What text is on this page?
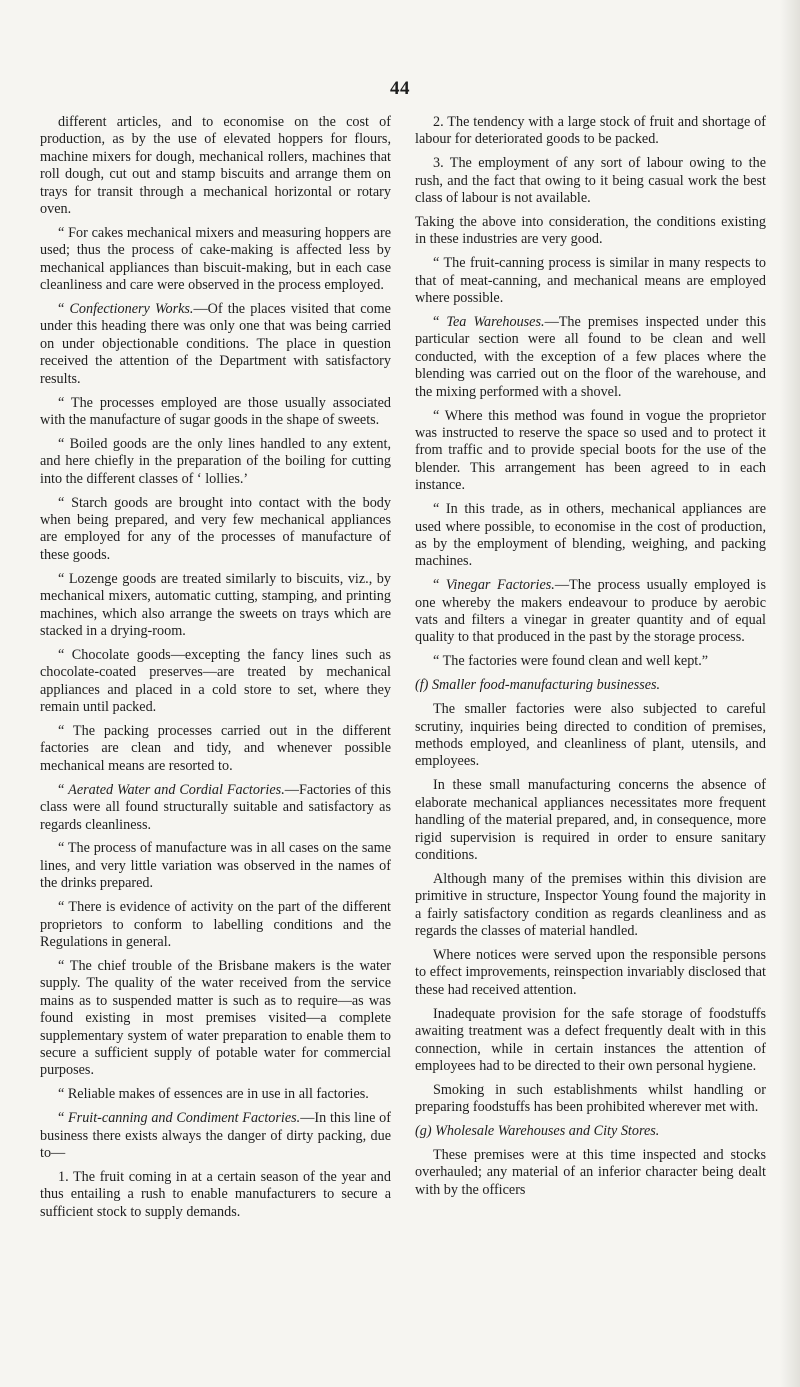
44

different articles, and to economise on the cost of production, as by the use of elevated hoppers for flours, machine mixers for dough, mechanical rollers, machines that roll dough, cut out and stamp biscuits and arrange them on trays for transit through a mechanical horizontal or rotary oven.

“ For cakes mechanical mixers and measuring hoppers are used; thus the process of cake-making is affected less by mechanical appliances than biscuit-making, but in each case cleanliness and care were observed in the process employed.

“ Confectionery Works.—Of the places visited that come under this heading there was only one that was being carried on under objectionable conditions. The place in question received the attention of the Department with satisfactory results.

“ The processes employed are those usually associated with the manufacture of sugar goods in the shape of sweets.

“ Boiled goods are the only lines handled to any extent, and here chiefly in the preparation of the boiling for cutting into the different classes of ‘ lollies.’

“ Starch goods are brought into contact with the body when being prepared, and very few mechanical appliances are employed for any of the processes of manufacture of these goods.

“ Lozenge goods are treated similarly to biscuits, viz., by mechanical mixers, automatic cutting, stamping, and printing machines, which also arrange the sweets on trays which are stacked in a drying-room.

“ Chocolate goods—excepting the fancy lines such as chocolate-coated preserves—are treated by mechanical appliances and placed in a cold store to set, where they remain until packed.

“ The packing processes carried out in the different factories are clean and tidy, and whenever possible mechanical means are resorted to.

“ Aerated Water and Cordial Factories.—Factories of this class were all found structurally suitable and satisfactory as regards cleanliness.

“ The process of manufacture was in all cases on the same lines, and very little variation was observed in the names of the drinks prepared.

“ There is evidence of activity on the part of the different proprietors to conform to labelling conditions and the Regulations in general.

“ The chief trouble of the Brisbane makers is the water supply. The quality of the water received from the service mains as to suspended matter is such as to require—as was found existing in most premises visited—a complete supplementary system of water preparation to enable them to secure a sufficient supply of potable water for commercial purposes.

“ Reliable makes of essences are in use in all factories.

“ Fruit-canning and Condiment Factories.—In this line of business there exists always the danger of dirty packing, due to—

1. The fruit coming in at a certain season of the year and thus entailing a rush to enable manufacturers to secure a sufficient stock to supply demands.

2. The tendency with a large stock of fruit and shortage of labour for deteriorated goods to be packed.

3. The employment of any sort of labour owing to the rush, and the fact that owing to it being casual work the best class of labour is not available.

Taking the above into consideration, the conditions existing in these industries are very good.

“ The fruit-canning process is similar in many respects to that of meat-canning, and mechanical means are employed where possible.

“ Tea Warehouses.—The premises inspected under this particular section were all found to be clean and well conducted, with the exception of a few places where the blending was carried out on the floor of the warehouse, and the mixing performed with a shovel.

“ Where this method was found in vogue the proprietor was instructed to reserve the space so used and to protect it from traffic and to provide special boots for the use of the blender. This arrangement has been agreed to in each instance.

“ In this trade, as in others, mechanical appliances are used where possible, to economise in the cost of production, as by the employment of blending, weighing, and packing machines.

“ Vinegar Factories.—The process usually employed is one whereby the makers endeavour to produce by aerobic vats and filters a vinegar in greater quantity and of equal quality to that produced in the past by the storage process.

“ The factories were found clean and well kept.”

(f) Smaller food-manufacturing businesses.

The smaller factories were also subjected to careful scrutiny, inquiries being directed to condition of premises, methods employed, and cleanliness of plant, utensils, and employees.

In these small manufacturing concerns the absence of elaborate mechanical appliances necessitates more frequent handling of the material prepared, and, in consequence, more rigid supervision is required in order to ensure sanitary conditions.

Although many of the premises within this division are primitive in structure, Inspector Young found the majority in a fairly satisfactory condition as regards cleanliness and as regards the classes of material handled.

Where notices were served upon the responsible persons to effect improvements, reinspection invariably disclosed that these had received attention.

Inadequate provision for the safe storage of foodstuffs awaiting treatment was a defect frequently dealt with in this connection, while in certain instances the attention of employees had to be directed to their own personal hygiene.

Smoking in such establishments whilst handling or preparing foodstuffs has been prohibited wherever met with.

(g) Wholesale Warehouses and City Stores.

These premises were at this time inspected and stocks overhauled; any material of an inferior character being dealt with by the officers
